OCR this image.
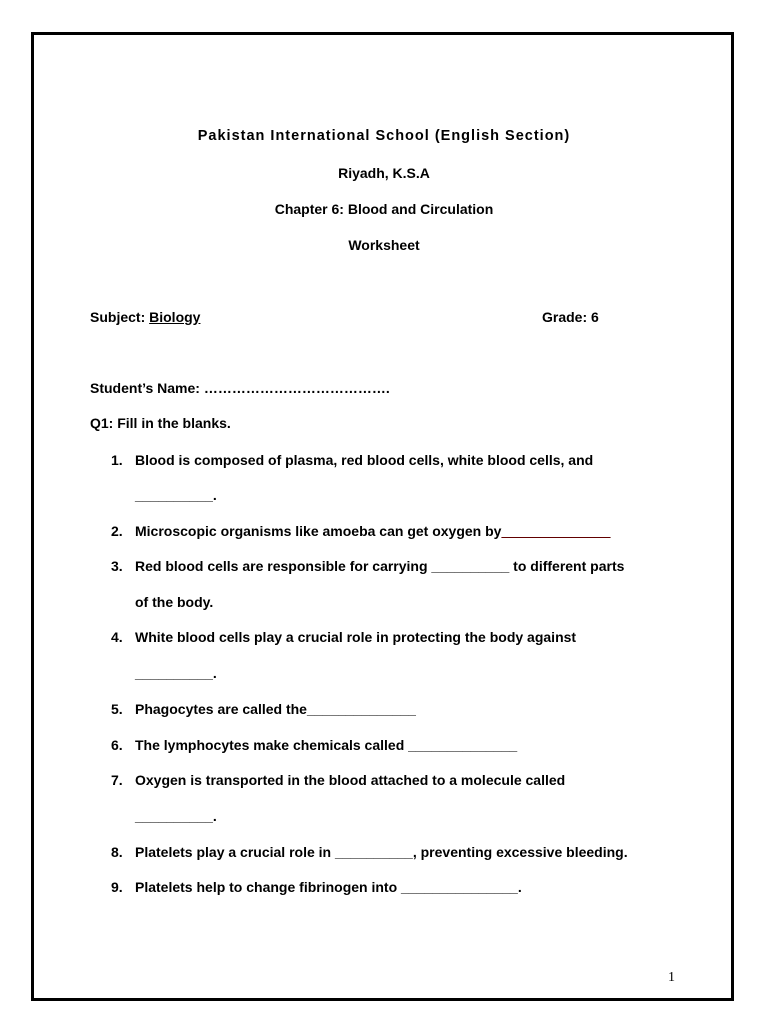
Pakistan International School (English Section)
Riyadh, K.S.A
Chapter 6: Blood and Circulation
Worksheet
Subject: Biology	Grade: 6
Student’s Name: ………………………………….
Q1: Fill in the blanks.
1. Blood is composed of plasma, red blood cells, white blood cells, and
__________.
2. Microscopic organisms like amoeba can get oxygen by______________
3. Red blood cells are responsible for carrying __________ to different parts
of the body.
4. White blood cells play a crucial role in protecting the body against
__________.
5. Phagocytes are called the______________
6. The lymphocytes make chemicals called ______________
7. Oxygen is transported in the blood attached to a molecule called
__________.
8. Platelets play a crucial role in __________, preventing excessive bleeding.
9. Platelets help to change fibrinogen into _______________.
1
